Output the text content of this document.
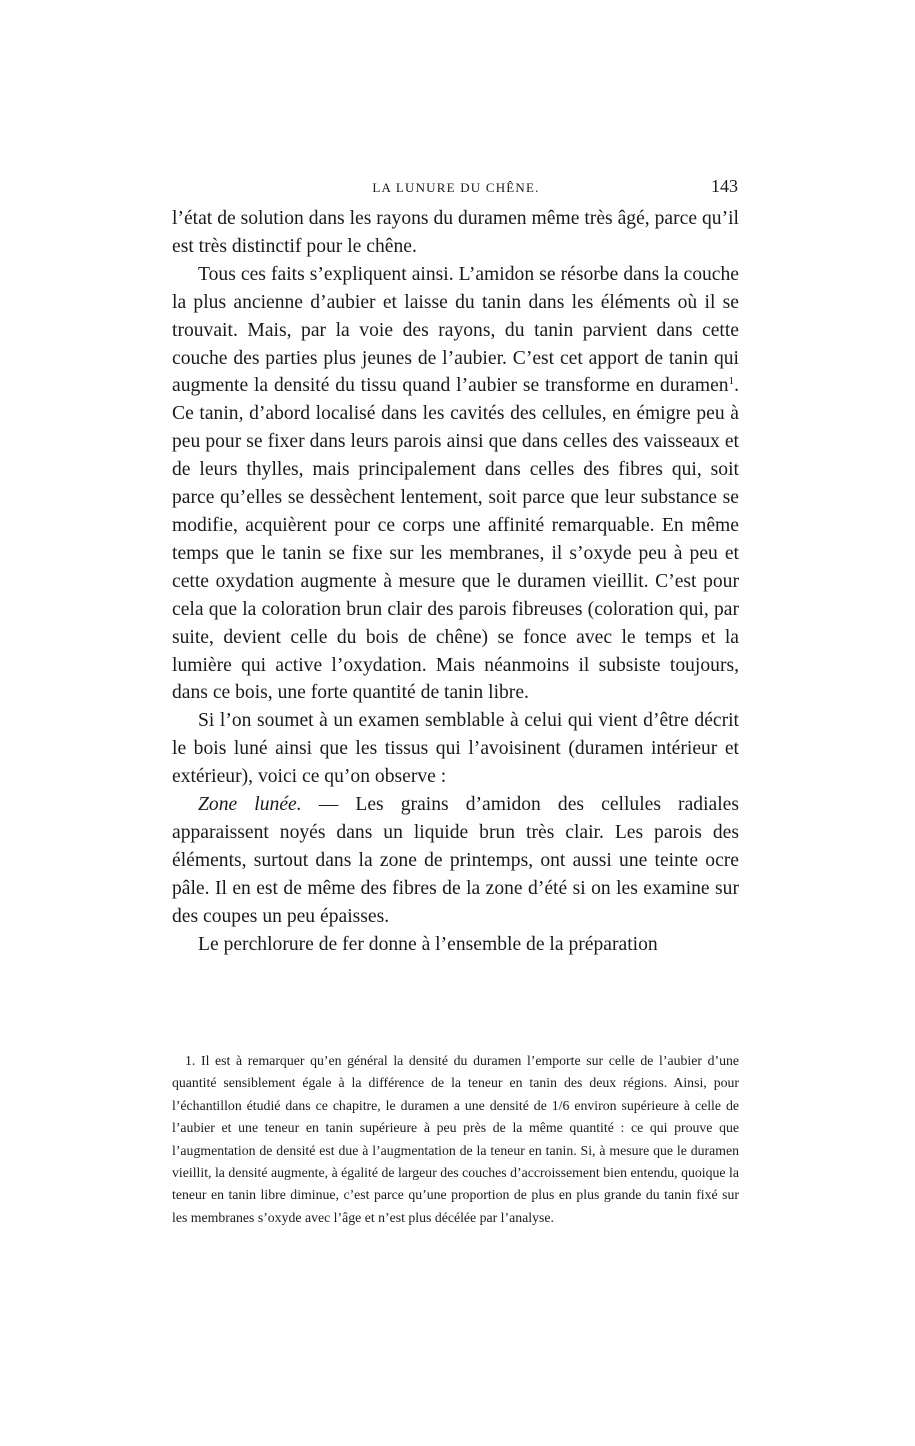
LA LUNURE DU CHÊNE.	143

l’état de solution dans les rayons du duramen même très âgé, parce qu’il est très distinctif pour le chêne.

Tous ces faits s’expliquent ainsi. L’amidon se résorbe dans la couche la plus ancienne d’aubier et laisse du tanin dans les éléments où il se trouvait. Mais, par la voie des rayons, du tanin parvient dans cette couche des parties plus jeunes de l’aubier. C’est cet apport de tanin qui augmente la densité du tissu quand l’aubier se transforme en duramen$^1$. Ce tanin, d’abord localisé dans les cavités des cellules, en émigre peu à peu pour se fixer dans leurs parois ainsi que dans celles des vaisseaux et de leurs thylles, mais principalement dans celles des fibres qui, soit parce qu’elles se dessèchent lentement, soit parce que leur substance se modifie, acquièrent pour ce corps une affinité remarquable. En même temps que le tanin se fixe sur les membranes, il s’oxyde peu à peu et cette oxydation augmente à mesure que le duramen vieillit. C’est pour cela que la coloration brun clair des parois fibreuses (coloration qui, par suite, devient celle du bois de chêne) se fonce avec le temps et la lumière qui active l’oxydation. Mais néanmoins il subsiste toujours, dans ce bois, une forte quantité de tanin libre.

Si l’on soumet à un examen semblable à celui qui vient d’être décrit le bois luné ainsi que les tissus qui l’avoisinent (duramen intérieur et extérieur), voici ce qu’on observe :

Zone lunée. — Les grains d’amidon des cellules radiales apparaissent noyés dans un liquide brun très clair. Les parois des éléments, surtout dans la zone de printemps, ont aussi une teinte ocre pâle. Il en est de même des fibres de la zone d’été si on les examine sur des coupes un peu épaisses.

Le perchlorure de fer donne à l’ensemble de la préparation

1. Il est à remarquer qu’en général la densité du duramen l’emporte sur celle de l’aubier d’une quantité sensiblement égale à la différence de la teneur en tanin des deux régions. Ainsi, pour l’échantillon étudié dans ce chapitre, le duramen a une densité de 1/6 environ supérieure à celle de l’aubier et une teneur en tanin supérieure à peu près de la même quantité : ce qui prouve que l’augmentation de densité est due à l’augmentation de la teneur en tanin. Si, à mesure que le duramen vieillit, la densité augmente, à égalité de largeur des couches d’accroissement bien entendu, quoique la teneur en tanin libre diminue, c’est parce qu’une proportion de plus en plus grande du tanin fixé sur les membranes s’oxyde avec l’âge et n’est plus décélée par l’analyse.
